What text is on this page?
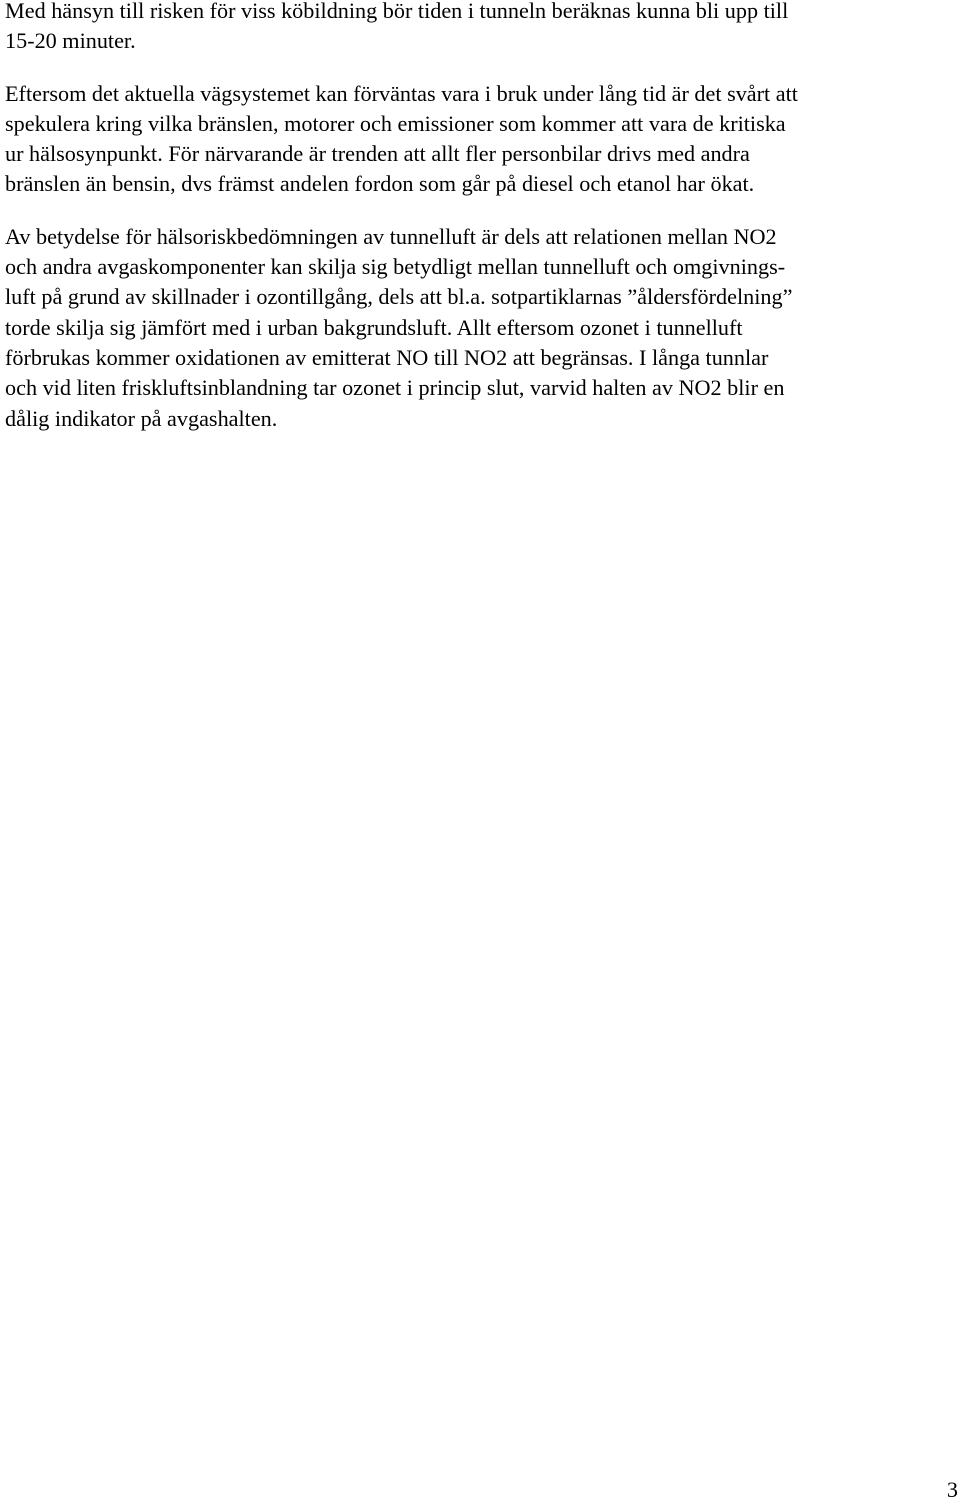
Med hänsyn till risken för viss köbildning bör tiden i tunneln beräknas kunna bli upp till
15-20 minuter.

Eftersom det aktuella vägsystemet kan förväntas vara i bruk under lång tid är det svårt att
spekulera kring vilka bränslen, motorer och emissioner som kommer att vara de kritiska
ur hälsosynpunkt. För närvarande är trenden att allt fler personbilar drivs med andra
bränslen än bensin, dvs främst andelen fordon som går på diesel och etanol har ökat.

Av betydelse för hälsoriskbedömningen av tunnelluft är dels att relationen mellan NO2
och andra avgaskomponenter kan skilja sig betydligt mellan tunnelluft och omgivnings-
luft på grund av skillnader i ozontillgång, dels att bl.a. sotpartiklarnas ”åldersfördelning”
torde skilja sig jämfört med i urban bakgrundsluft. Allt eftersom ozonet i tunnelluft
förbrukas kommer oxidationen av emitterat NO till NO2 att begränsas. I långa tunnlar
och vid liten friskluftsinblandning tar ozonet i princip slut, varvid halten av NO2 blir en
dålig indikator på avgashalten.

3
